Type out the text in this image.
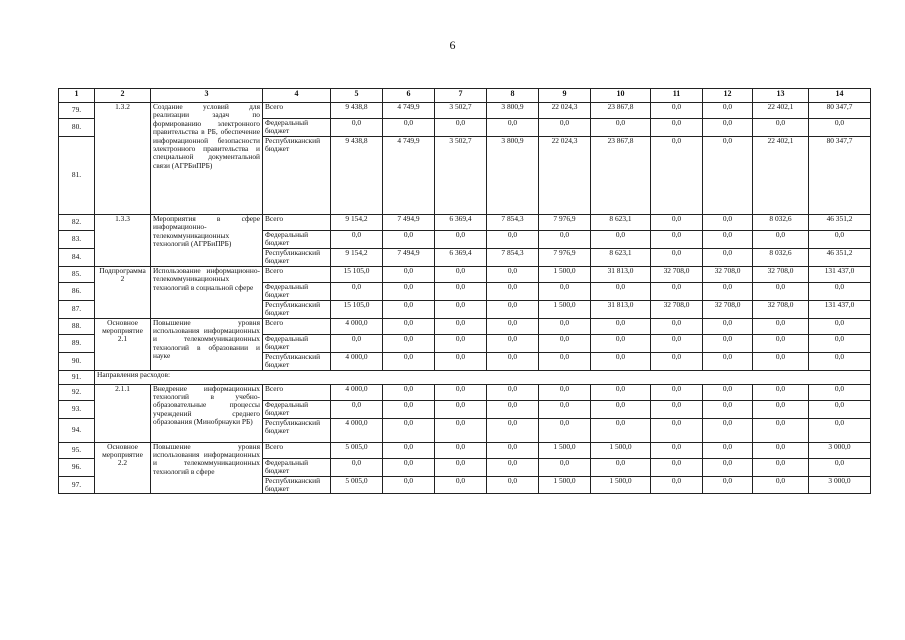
6
1	2	3	4	5	6	7	8	9	10	11	12	13	14
79.	1.3.2	Создание условий для реализации задач по формированию электронного правительства в РБ, обеспечение информационной безопасности электронного правительства и специальной документальной связи (АГРБиПРБ)	Всего	9 438,8	4 749,9	3 502,7	3 800,9	22 024,3	23 867,8	0,0	0,0	22 402,1	80 347,7
80.			Федеральный бюджет	0,0	0,0	0,0	0,0	0,0	0,0	0,0	0,0	0,0	0,0
81.			Республиканский бюджет	9 438,8	4 749,9	3 502,7	3 800,9	22 024,3	23 867,8	0,0	0,0	22 402,1	80 347,7
82.	1.3.3	Мероприятия в сфере информационно-телекоммуникационных технологий (АГРБиПРБ)	Всего	9 154,2	7 494,9	6 369,4	7 854,3	7 976,9	8 623,1	0,0	0,0	8 032,6	46 351,2
83.			Федеральный бюджет	0,0	0,0	0,0	0,0	0,0	0,0	0,0	0,0	0,0	0,0
84.			Республиканский бюджет	9 154,2	7 494,9	6 369,4	7 854,3	7 976,9	8 623,1	0,0	0,0	8 032,6	46 351,2
85.	Подпрограмма 2	Использование информационно-телекоммуникационных технологий в социальной сфере	Всего	15 105,0	0,0	0,0	0,0	1 500,0	31 813,0	32 708,0	32 708,0	32 708,0	131 437,0
86.			Федеральный бюджет	0,0	0,0	0,0	0,0	0,0	0,0	0,0	0,0	0,0	0,0
87.			Республиканский бюджет	15 105,0	0,0	0,0	0,0	1 500,0	31 813,0	32 708,0	32 708,0	32 708,0	131 437,0
88.	Основное мероприятие 2.1	Повышение уровня использования информационных и телекоммуникационных технологий в образовании и науке	Всего	4 000,0	0,0	0,0	0,0	0,0	0,0	0,0	0,0	0,0	0,0
89.			Федеральный бюджет	0,0	0,0	0,0	0,0	0,0	0,0	0,0	0,0	0,0	0,0
90.			Республиканский бюджет	4 000,0	0,0	0,0	0,0	0,0	0,0	0,0	0,0	0,0	0,0
91.	Направления расходов:												
92.	2.1.1	Внедрение информационных технологий в учебно-образовательные процессы учреждений среднего образования (Минобрнауки РБ)	Всего	4 000,0	0,0	0,0	0,0	0,0	0,0	0,0	0,0	0,0	0,0
93.			Федеральный бюджет	0,0	0,0	0,0	0,0	0,0	0,0	0,0	0,0	0,0	0,0
94.			Республиканский бюджет	4 000,0	0,0	0,0	0,0	0,0	0,0	0,0	0,0	0,0	0,0
95.	Основное мероприятие 2.2	Повышение уровня использования информационных и телекоммуникационных технологий в сфере	Всего	5 005,0	0,0	0,0	0,0	1 500,0	1 500,0	0,0	0,0	0,0	3 000,0
96.			Федеральный бюджет	0,0	0,0	0,0	0,0	0,0	0,0	0,0	0,0	0,0	0,0
97.			Республиканский бюджет	5 005,0	0,0	0,0	0,0	1 500,0	1 500,0	0,0	0,0	0,0	3 000,0
